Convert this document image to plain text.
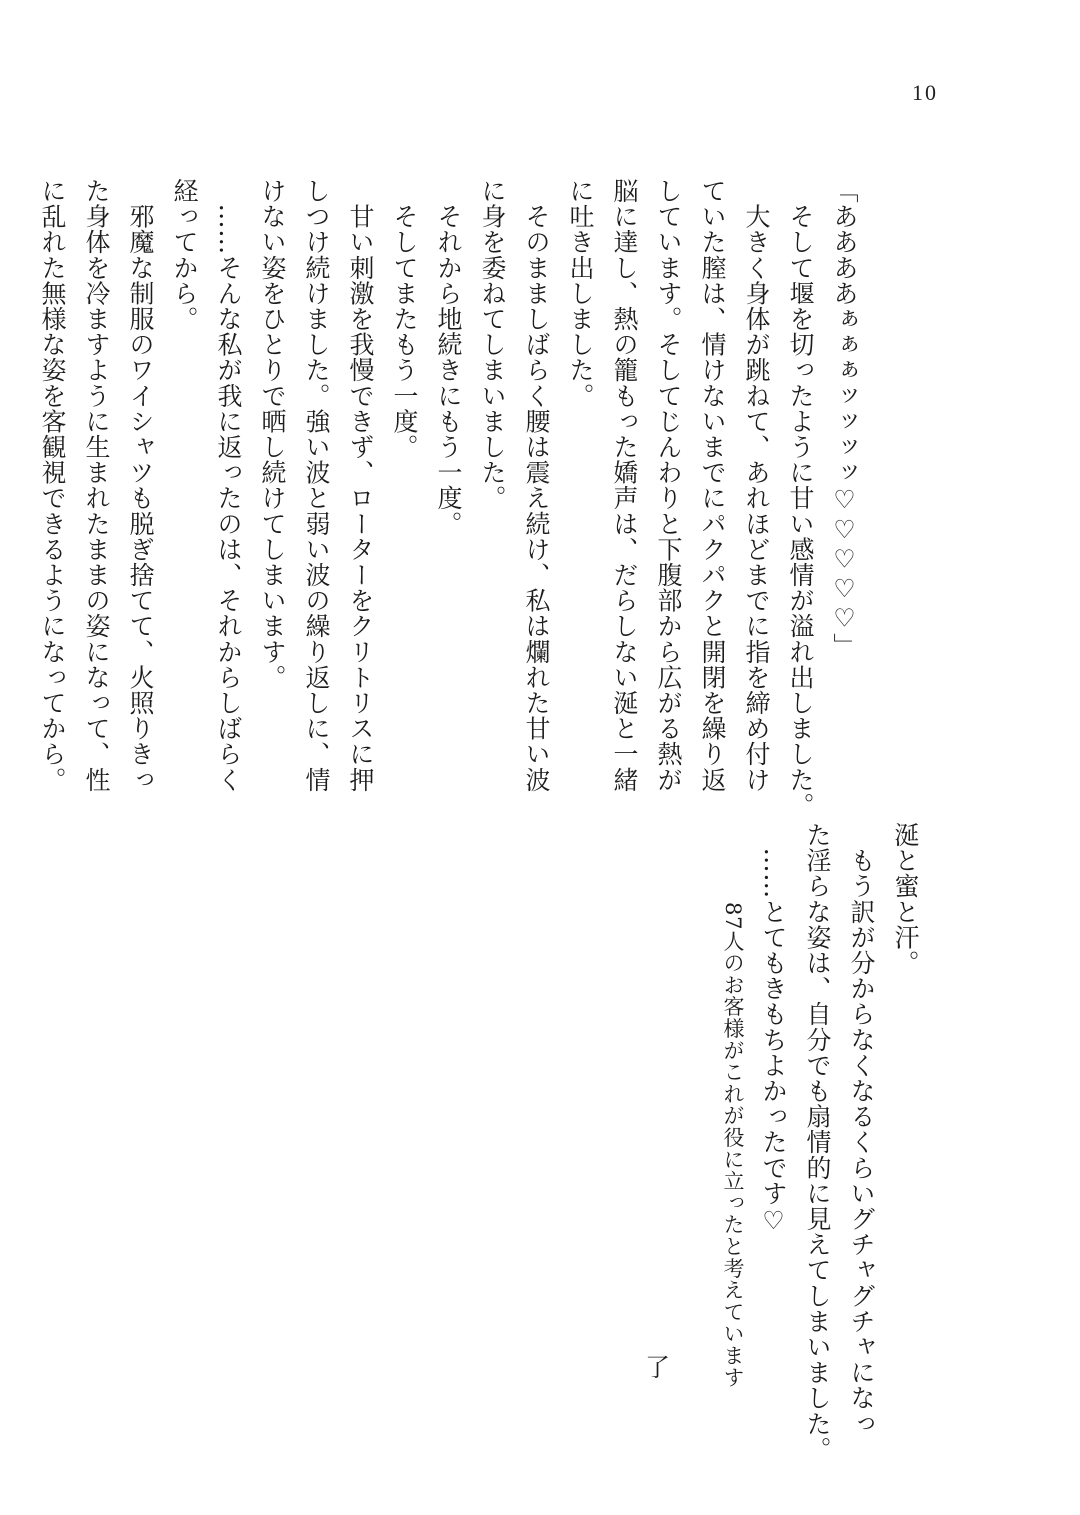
10
「ああああぁぁぁッッッッ♡♡♡♡♡」
　そして堰を切ったように甘い感情が溢れ出しました。
　大きく身体が跳ねて、あれほどまでに指を締め付け
ていた膣は、情けないまでにパクパクと開閉を繰り返
しています。そしてじんわりと下腹部から広がる熱が
脳に達し、熱の籠もった嬌声は、だらしない涎と一緒
に吐き出しました。
　そのまましばらく腰は震え続け、私は爛れた甘い波
に身を委ねてしまいました。
　それから地続きにもう一度。
　そしてまたもう一度。
　甘い刺激を我慢できず、ローターをクリトリスに押
しつけ続けました。強い波と弱い波の繰り返しに、情
けない姿をひとりで晒し続けてしまいます。
　……そんな私が我に返ったのは、それからしばらく
経ってから。
　邪魔な制服のワイシャツも脱ぎ捨てて、火照りきっ
た身体を冷ますように生まれたままの姿になって、性
に乱れた無様な姿を客観視できるようになってから。
涎と蜜と汗。
　もう訳が分からなくなるくらいグチャグチャになっ
た淫らな姿は、自分でも扇情的に見えてしまいました。
　……とてもきもちよかったです♡
87人のお客様がこれが役に立ったと考えています
了
